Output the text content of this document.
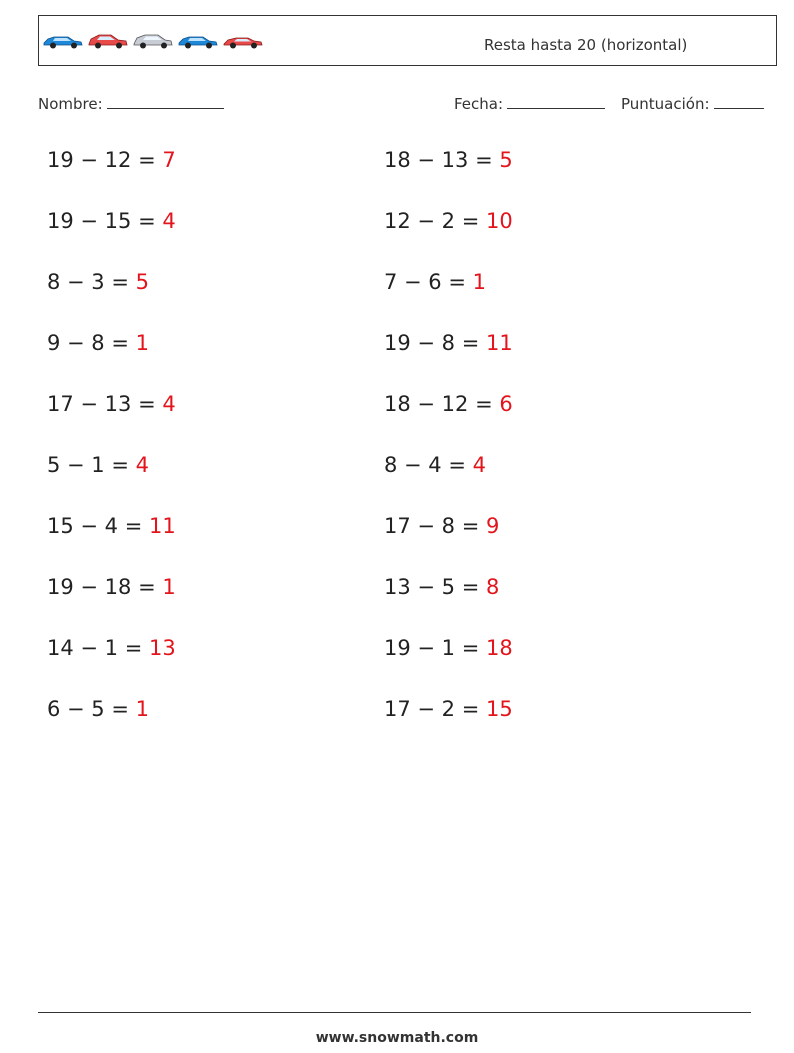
Resta hasta 20 (horizontal)
Nombre:	Fecha:	Puntuación:
19 − 12 = 7	18 − 13 = 5
19 − 15 = 4	12 − 2 = 10
8 − 3 = 5	7 − 6 = 1
9 − 8 = 1	19 − 8 = 11
17 − 13 = 4	18 − 12 = 6
5 − 1 = 4	8 − 4 = 4
15 − 4 = 11	17 − 8 = 9
19 − 18 = 1	13 − 5 = 8
14 − 1 = 13	19 − 1 = 18
6 − 5 = 1	17 − 2 = 15
www.snowmath.com
